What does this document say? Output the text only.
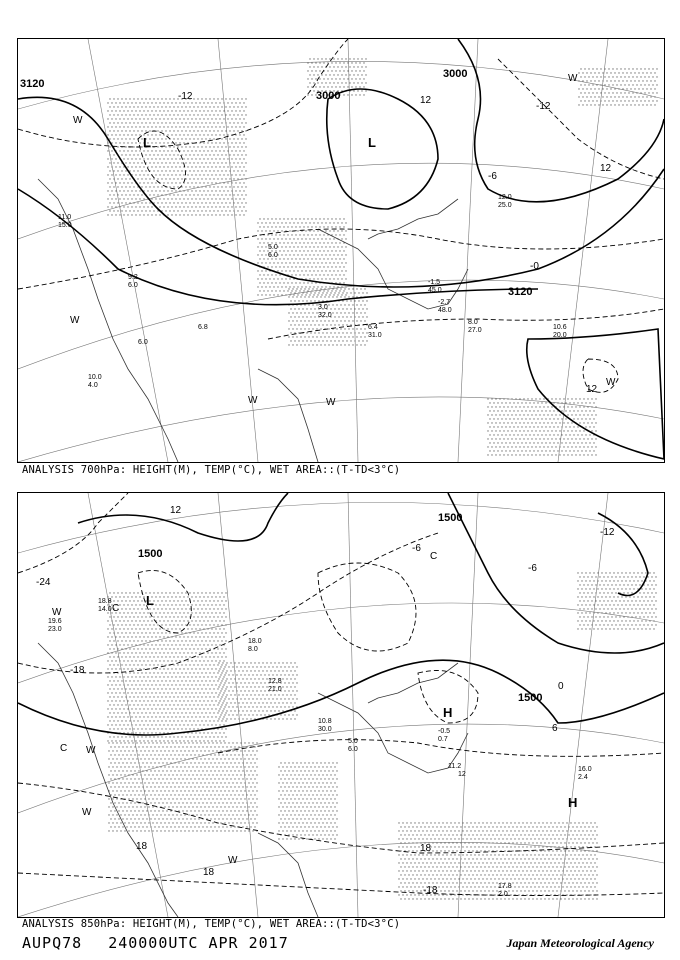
11.0
15.0
9.2
6.0
6.0
6.8
10.0
4.0
5.0
6.0
-1.5
45.0
-2.7
48.0
6.4
31.0
8.0
27.0	10.6
20.0
3.0
32.0
12.0
25.0
3000
3000
3120
3120
-12
-6
-0
12
12
12
-12
L	L
W
W
W	W
W
W
ANALYSIS 700hPa: HEIGHT(M), TEMP(°C), WET AREA::(T-TD<3°C)
19.6
23.0
18.8
14.0
12.8
21.0
10.8
30.0
5.0
6.0
-0.5
0.7
16.0
2.4
17.8
2.0
11.2
12
18.0
8.0
1500
1500
1500
-24
-18
18
18
18
12
-6
-6
0
6
-12
-18
L
H
H
C
W
W
W
W
C
C
ANALYSIS 850hPa: HEIGHT(M), TEMP(°C), WET AREA::(T-TD<3°C)
AUPQ78 240000UTC APR 2017	Japan Meteorological Agency
